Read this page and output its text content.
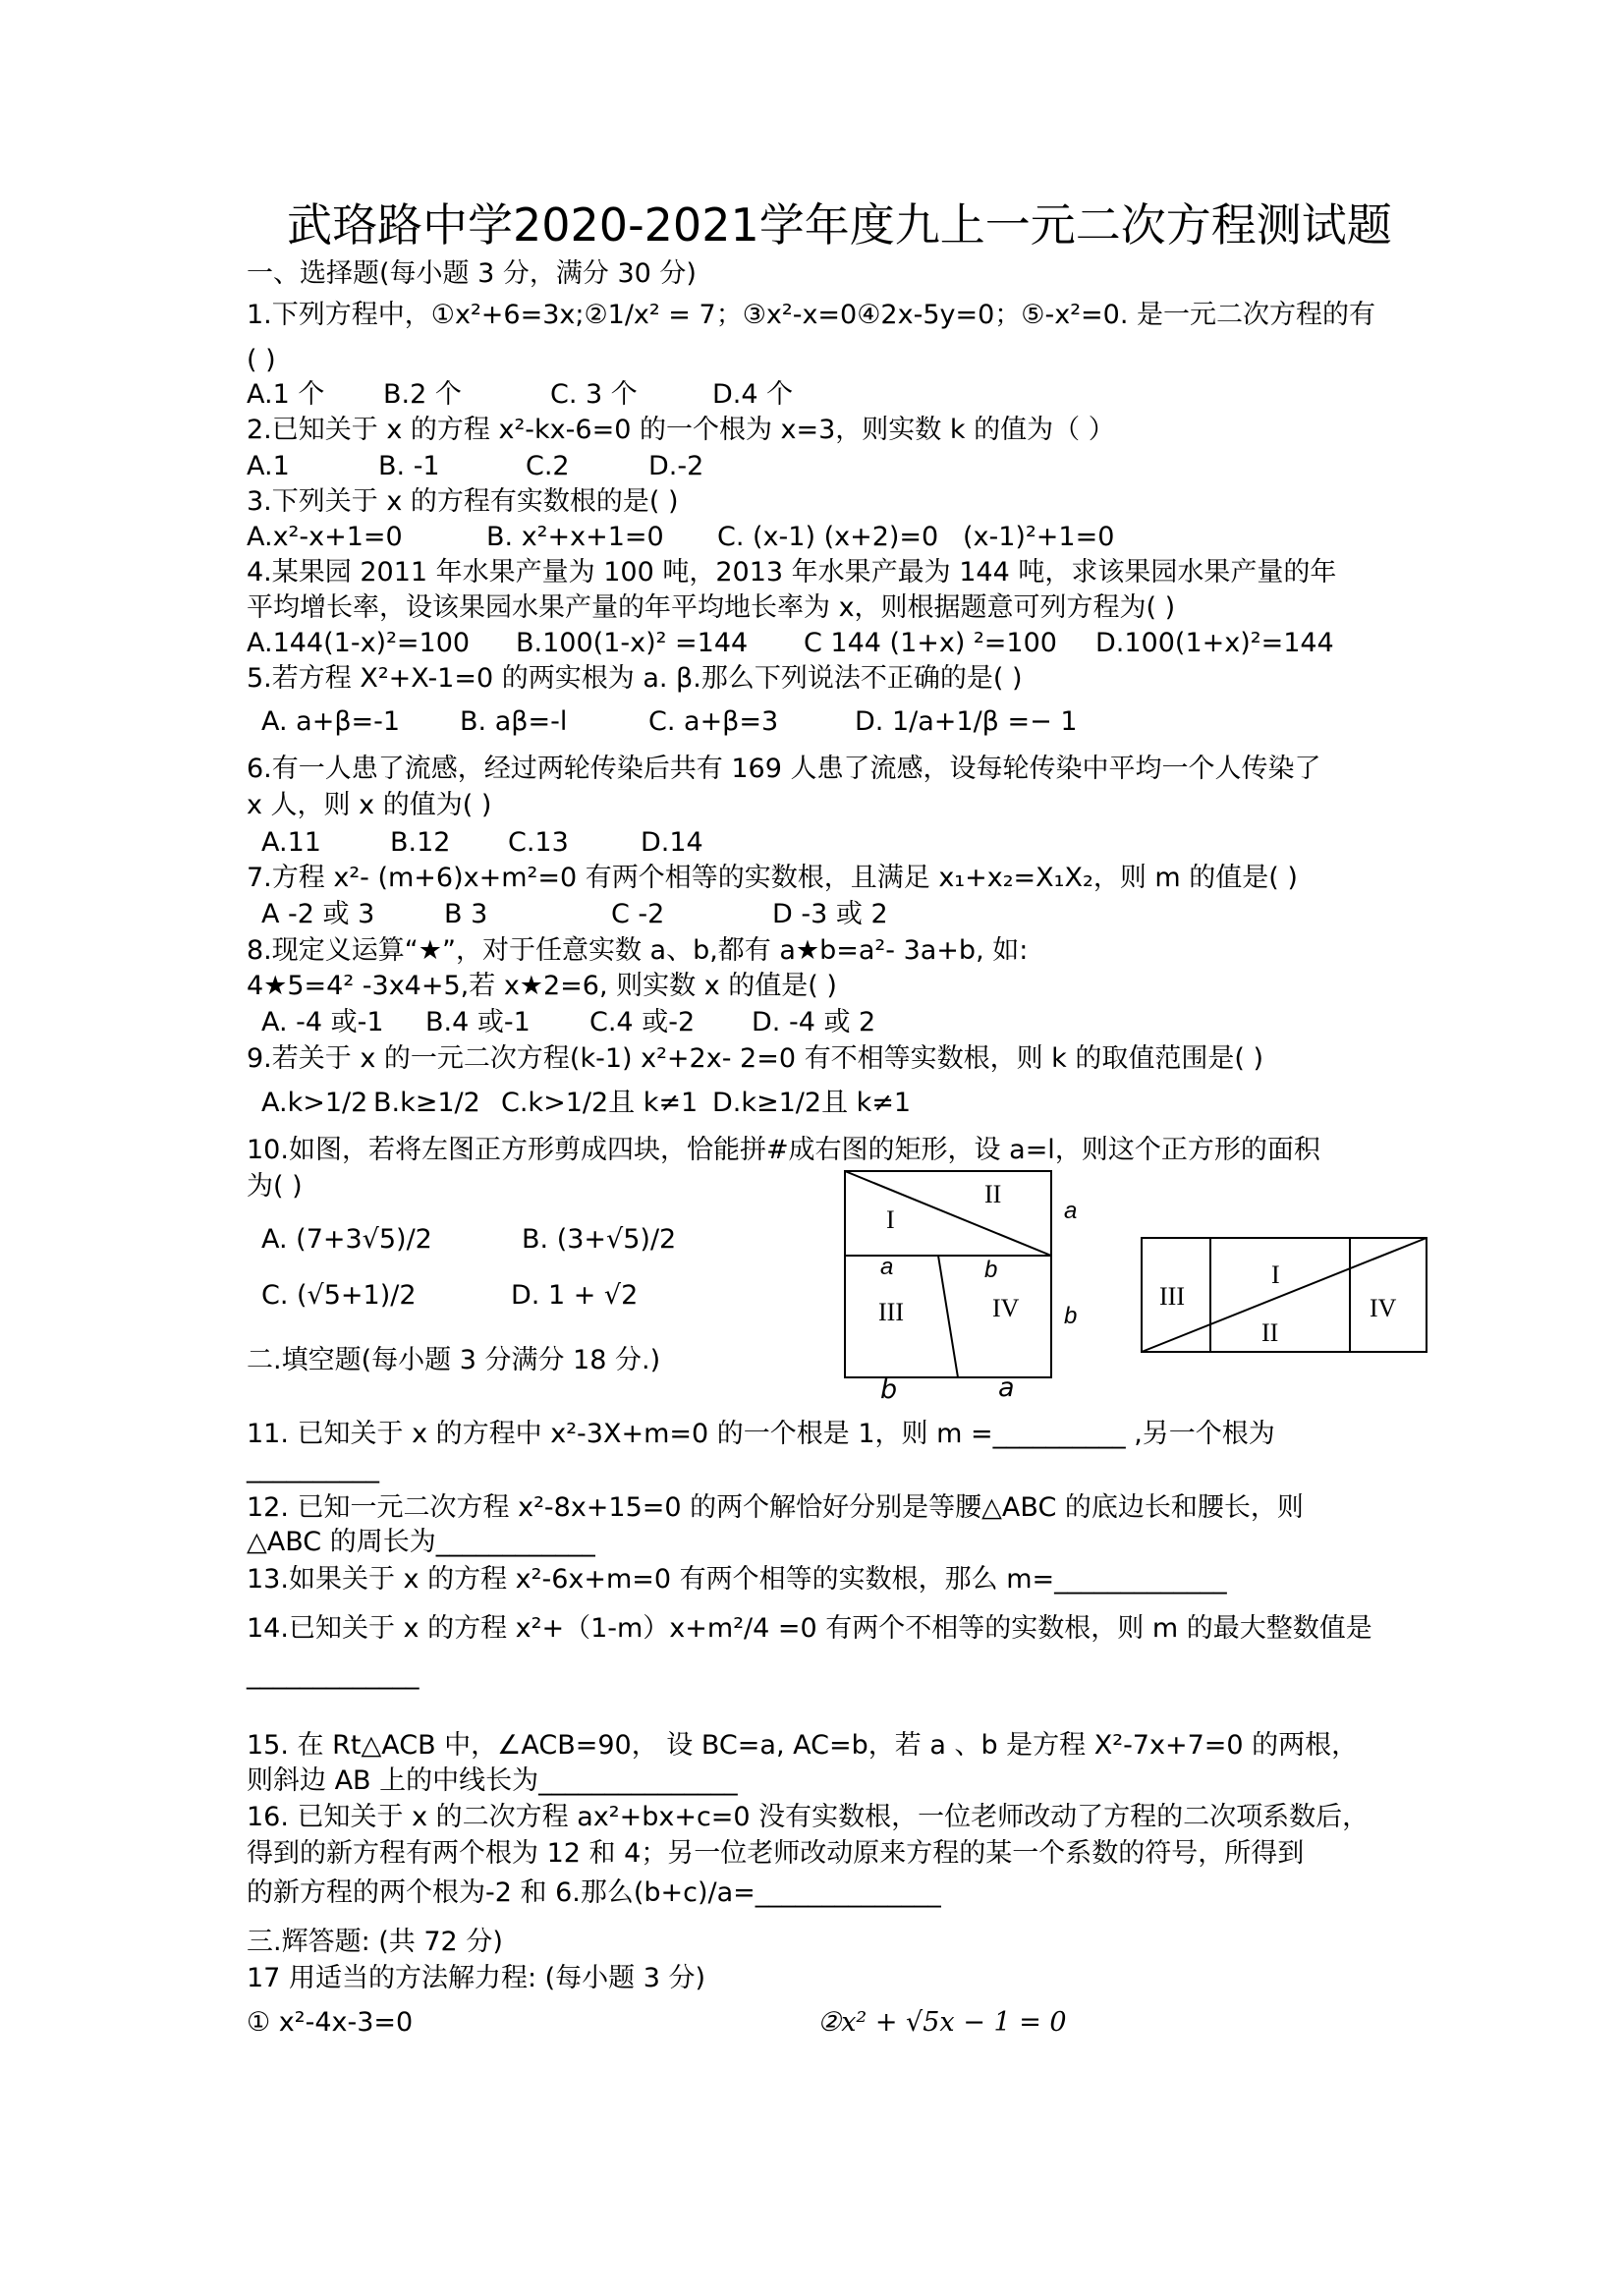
武珞路中学2020-2021学年度九上一元二次方程测试题
一、选择题(每小题 3 分，满分 30 分)
1.下列方程中，①x²+6=3x;②1/x² = 7；③x²-x=0④2x-5y=0；⑤-x²=0. 是一元二次方程的有
( )
A.1 个 B.2 个	C. 3 个	D.4 个
2.已知关于 x 的方程 x²-kx-6=0 的一个根为 x=3，则实数 k 的值为（ ）
A.1	B. -1	C.2	D.-2
3.下列关于 x 的方程有实数根的是( )
A.x²-x+1=0	B. x²+x+1=0 C. (x-1) (x+2)=0 (x-1)²+1=0
4.某果园 2011 年水果产量为 100 吨，2013 年水果产最为 144 吨，求该果园水果产量的年
平均增长率，设该果园水果产量的年平均地长率为 x，则根据题意可列方程为( )
A.144(1-x)²=100 B.100(1-x)² =144 C 144 (1+x) ²=100 D.100(1+x)²=144
5.若方程 X²+X-1=0 的两实根为 a. β.那么下列说法不正确的是( )
A. a+β=-1 B. aβ=-l	C. a+β=3	D. 1/a+1/β =− 1
6.有一人患了流感，经过两轮传染后共有 169 人患了流感，设每轮传染中平均一个人传染了
x 人，则 x 的值为( )
A.11	B.12 C.13	D.14
7.方程 x²- (m+6)x+m²=0 有两个相等的实数根，且满足 x₁+x₂=X₁X₂，则 m 的值是( )
A -2 或 3	B 3	C -2	D -3 或 2
8.现定义运算“★”，对于任意实数 a、b,都有 a★b=a²- 3a+b, 如:
4★5=4² -3x4+5,若 x★2=6, 则实数 x 的值是( )
A. -4 或-1 B.4 或-1 C.4 或-2 D. -4 或 2
9.若关于 x 的一元二次方程(k-1) x²+2x- 2=0 有不相等实数根，则 k 的取值范围是( )
A.k>1/2 B.k≥1/2 C.k>1/2且 k≠1 D.k≥1/2且 k≠1
10.如图，若将左图正方形剪成四块，恰能拼#成右图的矩形，设 a=l，则这个正方形的面积
为( )
A. (7+3√5)/2	B. (3+√5)/2
C. (√5+1)/2	D. 1 + √2
I
II
III	IV
a
b
a	b
b	a
III
I
II
IV
二.填空题(每小题 3 分满分 18 分.)
11. 已知关于 x 的方程中 x²-3X+m=0 的一个根是 1，则 m =__________ ,另一个根为
__________
12. 已知一元二次方程 x²-8x+15=0 的两个解恰好分别是等腰△ABC 的底边长和腰长，则
△ABC 的周长为____________
13.如果关于 x 的方程 x²-6x+m=0 有两个相等的实数根，那么 m=_____________
14.已知关于 x 的方程 x²+（1-m）x+m²/4 =0 有两个不相等的实数根，则 m 的最大整数值是
_____________
15. 在 Rt△ACB 中，∠ACB=90， 设 BC=a, AC=b，若 a 、b 是方程 X²-7x+7=0 的两根，
则斜边 AB 上的中线长为_______________
16. 已知关于 x 的二次方程 ax²+bx+c=0 没有实数根，一位老师改动了方程的二次项系数后，
得到的新方程有两个根为 12 和 4；另一位老师改动原来方程的某一个系数的符号，所得到
的新方程的两个根为-2 和 6.那么(b+c)/a=______________
三.辉答题: (共 72 分)
17 用适当的方法解力程: (每小题 3 分)
① x²-4x-3=0	②x² + √5x − 1 = 0
